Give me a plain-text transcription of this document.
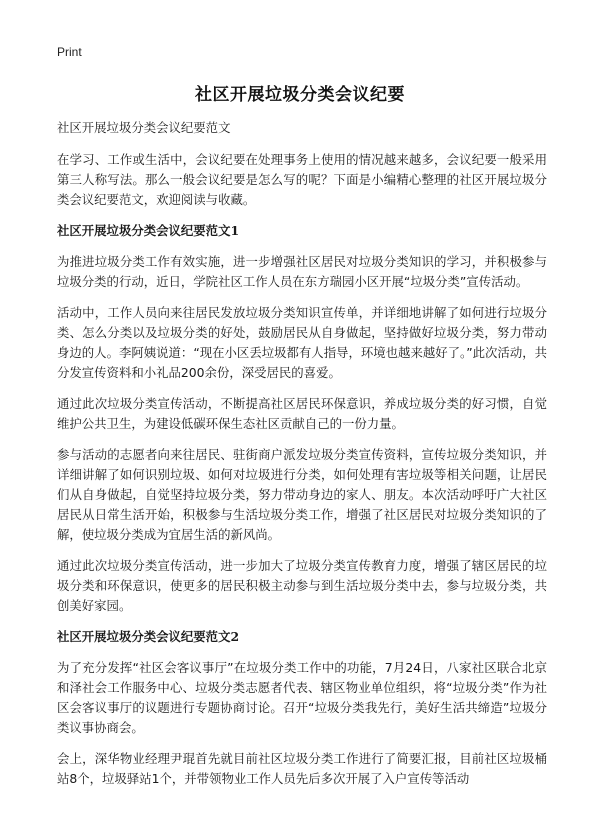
Print
社区开展垃圾分类会议纪要

社区开展垃圾分类会议纪要范文

在学习、工作或生活中，会议纪要在处理事务上使用的情况越来越多，会议纪要一般采用第三人称写法。那么一般会议纪要是怎么写的呢？下面是小编精心整理的社区开展垃圾分类会议纪要范文，欢迎阅读与收藏。

社区开展垃圾分类会议纪要范文1

为推进垃圾分类工作有效实施，进一步增强社区居民对垃圾分类知识的学习，并积极参与垃圾分类的行动，近日，学院社区工作人员在东方瑞园小区开展“垃圾分类”宣传活动。

活动中，工作人员向来往居民发放垃圾分类知识宣传单，并详细地讲解了如何进行垃圾分类、怎么分类以及垃圾分类的好处，鼓励居民从自身做起，坚持做好垃圾分类，努力带动身边的人。李阿姨说道：“现在小区丢垃圾都有人指导，环境也越来越好了。”此次活动，共分发宣传资料和小礼品200余份，深受居民的喜爱。

通过此次垃圾分类宣传活动，不断提高社区居民环保意识，养成垃圾分类的好习惯，自觉维护公共卫生，为建设低碳环保生态社区贡献自己的一份力量。

参与活动的志愿者向来往居民、驻街商户派发垃圾分类宣传资料，宣传垃圾分类知识，并详细讲解了如何识别垃圾、如何对垃圾进行分类，如何处理有害垃圾等相关问题，让居民们从自身做起，自觉坚持垃圾分类，努力带动身边的家人、朋友。本次活动呼吁广大社区居民从日常生活开始，积极参与生活垃圾分类工作，增强了社区居民对垃圾分类知识的了解，使垃圾分类成为宜居生活的新风尚。

通过此次垃圾分类宣传活动，进一步加大了垃圾分类宣传教育力度，增强了辖区居民的垃圾分类和环保意识，使更多的居民积极主动参与到生活垃圾分类中去，参与垃圾分类，共创美好家园。

社区开展垃圾分类会议纪要范文2

为了充分发挥“社区会客议事厅”在垃圾分类工作中的功能，7月24日，八家社区联合北京和泽社会工作服务中心、垃圾分类志愿者代表、辖区物业单位组织，将“垃圾分类”作为社区会客议事厅的议题进行专题协商讨论。召开“垃圾分类我先行，美好生活共缔造”垃圾分类议事协商会。

会上，深华物业经理尹琨首先就目前社区垃圾分类工作进行了简要汇报，目前社区垃圾桶站8个，垃圾驿站1个，并带领物业工作人员先后多次开展了入户宣传等活动
